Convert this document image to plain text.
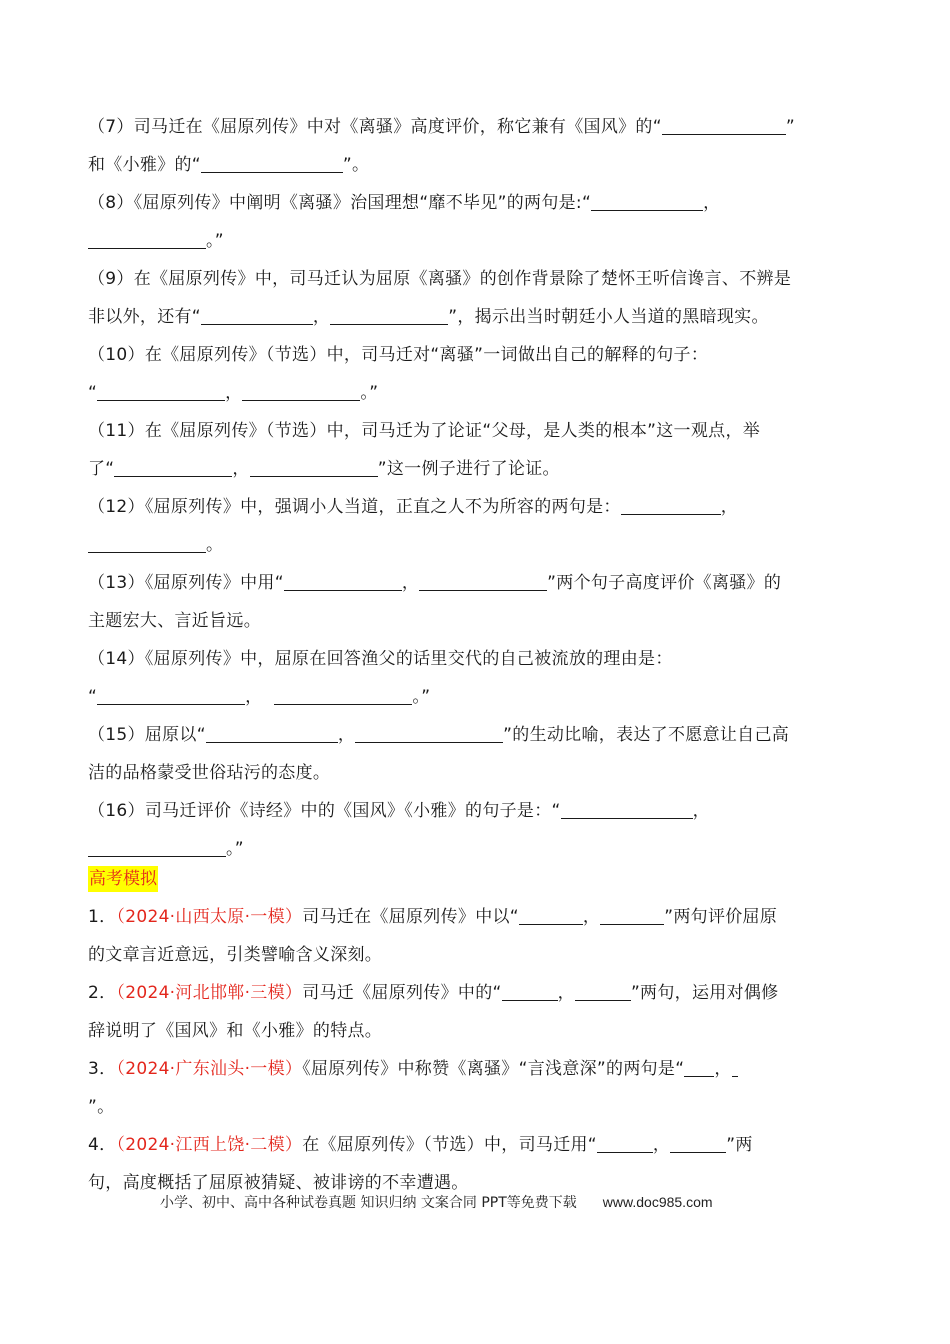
（7）司马迁在《屈原列传》中对《离骚》高度评价，称它兼有《国风》的“	”
和《小雅》的“	”。
（8）《屈原列传》中阐明《离骚》治国理想“靡不毕见”的两句是:“	，
。”
（9）在《屈原列传》中，司马迁认为屈原《离骚》的创作背景除了楚怀王听信谗言、不辨是
非以外，还有“	，	”，揭示出当时朝廷小人当道的黑暗现实。
（10）在《屈原列传》（节选）中，司马迁对“离骚”一词做出自己的解释的句子：
“	，	。”
（11）在《屈原列传》（节选）中，司马迁为了论证“父母，是人类的根本”这一观点，举
了“	，	”这一例子进行了论证。
（12）《屈原列传》中，强调小人当道，正直之人不为所容的两句是：	，
。
（13）《屈原列传》中用“	，	”两个句子高度评价《离骚》的
主题宏大、言近旨远。
（14）《屈原列传》中，屈原在回答渔父的话里交代的自己被流放的理由是：
“	，	。”
（15）屈原以“	，	”的生动比喻，表达了不愿意让自己高
洁的品格蒙受世俗玷污的态度。
（16）司马迁评价《诗经》中的《国风》《小雅》的句子是：“	，
。”
高考模拟
1．（2024·山西太原·一模）司马迁在《屈原列传》中以“	，	”两句评价屈原
的文章言近意远，引类譬喻含义深刻。
2．（2024·河北邯郸·三模）司马迁《屈原列传》中的“	，	”两句，运用对偶修
辞说明了《国风》和《小雅》的特点。
3．（2024·广东汕头·一模）《屈原列传》中称赞《离骚》“言浅意深”的两句是“ ，
”。
4．（2024·江西上饶·二模）在《屈原列传》（节选）中，司马迁用“	，	”两
句，高度概括了屈原被猜疑、被诽谤的不幸遭遇。
小学、初中、高中各种试卷真题 知识归纳 文案合同 PPT等免费下载 www.doc985.com
